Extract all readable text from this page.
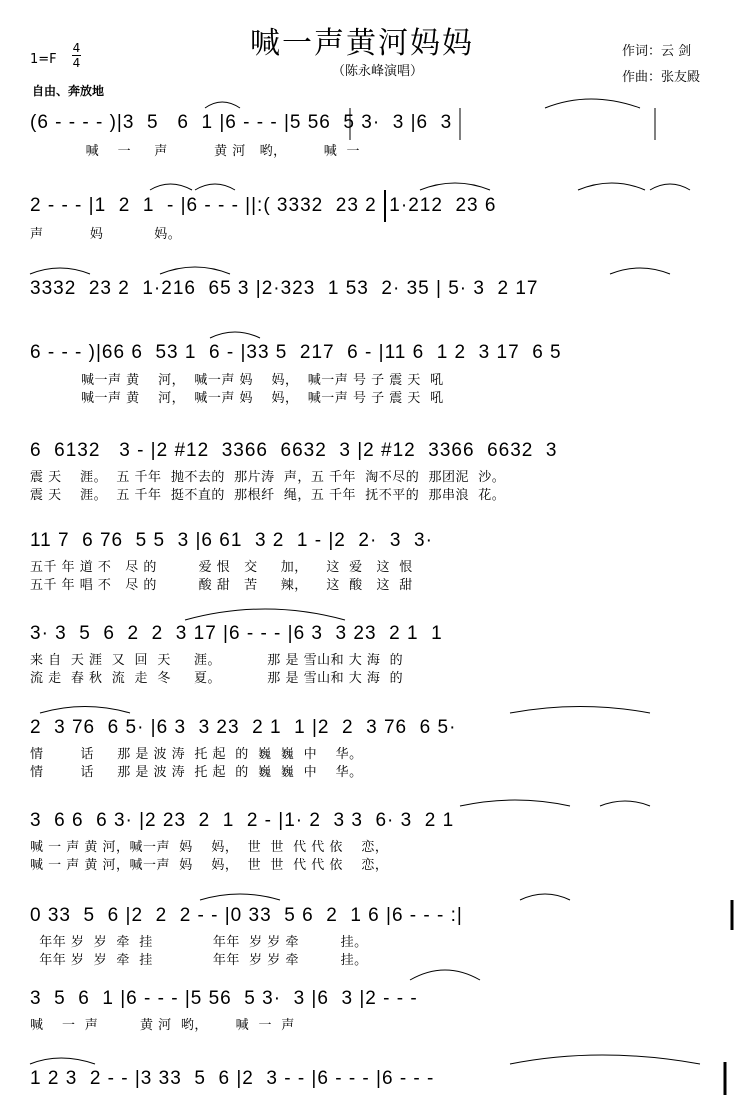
喊一声黄河妈妈
（陈永峰演唱）
1=F
4
4
作词：云 剑
作曲：张友殿
自由、奔放地
(6 - - - - )|3  5   6  1 |6 - - - |5 56  5 3·  3 |6  3
喊    一     声          黄 河   哟，        喊  一
2 - - - |1  2  1  - |6 - - - ||:( 3332  23 2  1·212  23 6
声          妈           妈。
3332  23 2  1·216  65 3 |2·323  1 53  2· 35 | 5· 3  2 17
6 - - - )|66 6  53 1  6 - |33 5  217  6 - |11 6  1 2  3 17  6 5
喊一声 黄    河，  喊一声 妈    妈，  喊一声 号 子 震 天  吼
喊一声 黄    河，  喊一声 妈    妈，  喊一声 号 子 震 天  吼
6  6132   3 - |2 #12  3366  6632  3 |2 #12  3366  6632  3
震 天    涯。  五 千年  抛不去的  那片涛  声，五 千年  淘不尽的  那团泥  沙。
震 天    涯。  五 千年  挺不直的  那根纤  绳，五 千年  抚不平的  那串浪  花。
11 7  6 76  5 5  3 |6 61  3 2  1 - |2  2·  3  3·
五千 年 道 不   尽 的         爱 恨   交     加，    这  爱   这  恨
五千 年 唱 不   尽 的         酸 甜   苦     辣，    这  酸   这  甜
3· 3  5  6  2  2  3 17 |6 - - - |6 3  3 23  2 1  1
来 自  天 涯  又  回  天     涯。          那 是 雪山和 大 海  的
流 走  春 秋  流  走  冬     夏。          那 是 雪山和 大 海  的
2  3 76  6 5· |6 3  3 23  2 1  1 |2  2  3 76  6 5·
情        话     那 是 波 涛  托 起  的  巍  巍  中    华。
情        话     那 是 波 涛  托 起  的  巍  巍  中    华。
3  6 6  6 3· |2 23  2  1  2 - |1· 2  3 3  6· 3  2 1
喊 一 声 黄 河，喊一声  妈    妈，  世  世  代 代 依    恋，
喊 一 声 黄 河，喊一声  妈    妈，  世  世  代 代 依    恋，
0 33  5  6 |2  2  2 - - |0 33  5 6  2  1 6 |6 - - - :|
年年 岁  岁  牵  挂             年年  岁 岁 牵         挂。
年年 岁  岁  牵  挂             年年  岁 岁 牵         挂。
3  5  6  1 |6 - - - |5 56  5 3·  3 |6  3 |2 - - -
喊    一  声         黄 河  哟，      喊  一  声
1 2 3  2 - - |3 33  5  6 |2  3 - - |6 - - - |6 - - -
